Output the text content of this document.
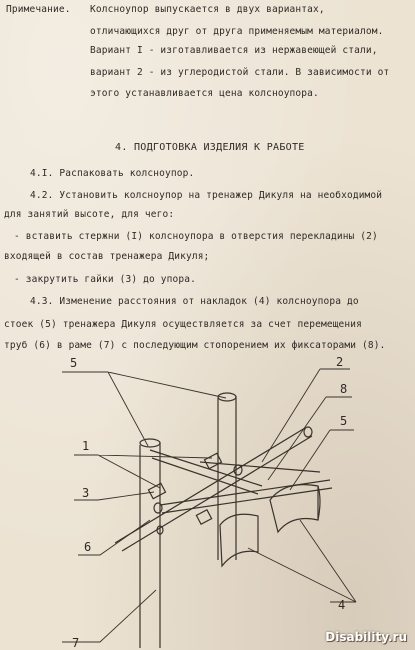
Примечание. Колсноупор выпускается в двух вариантах,
отличающихся друг от друга применяемым материалом.
Вариант I - изготавливается из нержавеющей стали,
вариант 2 - из углеродистой стали. В зависимости от
этого устанавливается цена колсноупора.
4. ПОДГОТОВКА ИЗДЕЛИЯ К РАБОТЕ
4.I. Распаковать колсноупор.
4.2. Установить колсноупор на тренажер Дикуля на необходимой
для занятий высоте, для чего:
- вставить стержни (I) колсноупора в отверстия перекладины (2)
входящей в состав тренажера Дикуля;
- закрутить гайки (3) до упора.
4.3. Изменение расстояния от накладок (4) колсноупора до
стоек (5) тренажера Дикуля осуществляется за счет перемещения
труб (6) в раме (7) с последующим стопорением их фиксаторами (8).
5	2
8
5
1
3
6
4
7	Disability.ru
